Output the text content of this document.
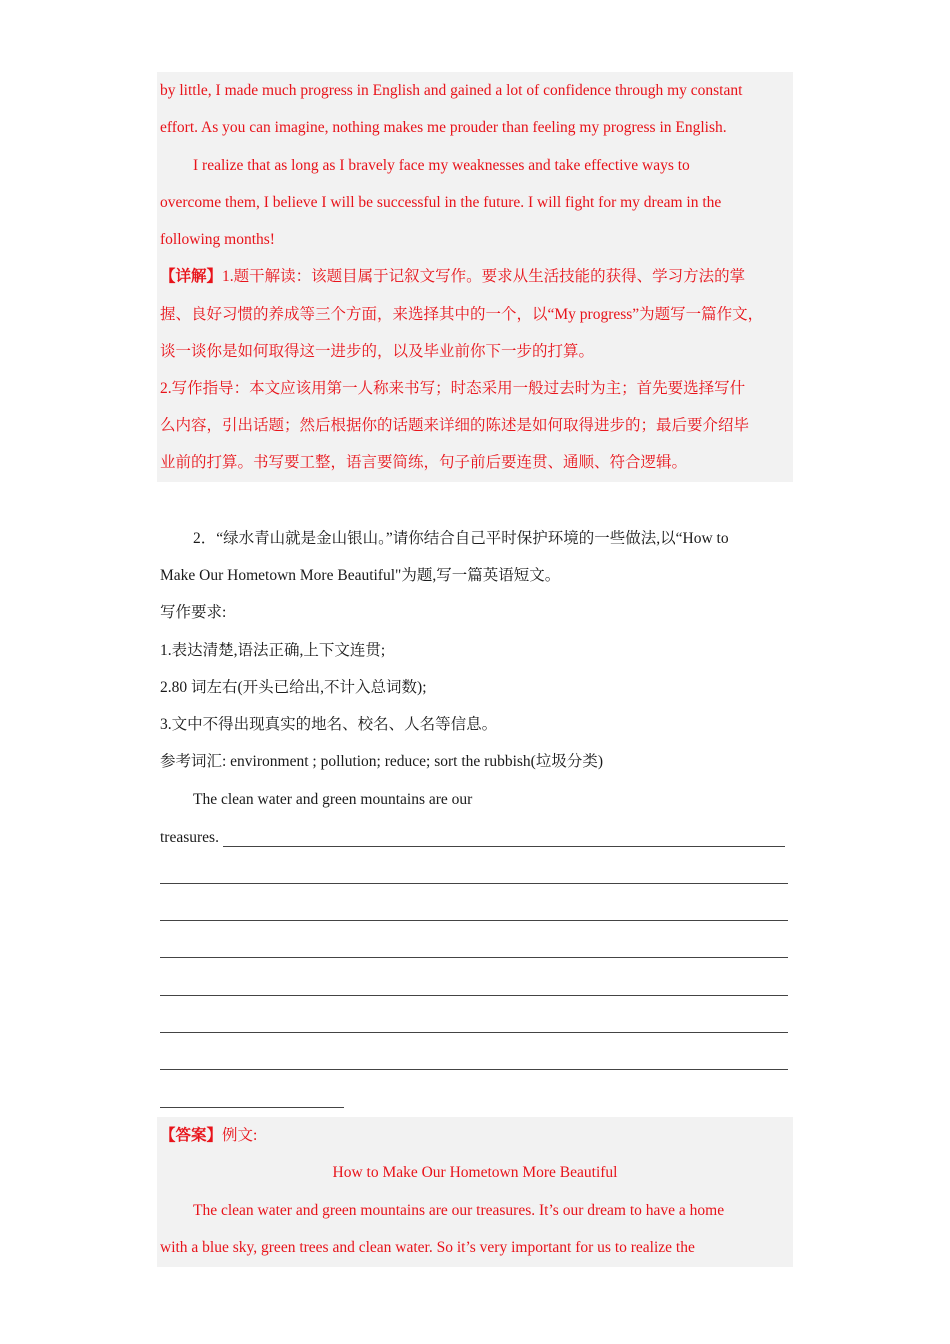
by little, I made much progress in English and gained a lot of confidence through my constant
effort. As you can imagine, nothing makes me prouder than feeling my progress in English.
I realize that as long as I bravely face my weaknesses and take effective ways to
overcome them, I believe I will be successful in the future. I will fight for my dream in the
following months!
【详解】1.题干解读：该题目属于记叙文写作。要求从生活技能的获得、学习方法的掌
握、良好习惯的养成等三个方面，来选择其中的一个，以“My progress”为题写一篇作文，
谈一谈你是如何取得这一进步的，以及毕业前你下一步的打算。
2.写作指导：本文应该用第一人称来书写；时态采用一般过去时为主；首先要选择写什
么内容，引出话题；然后根据你的话题来详细的陈述是如何取得进步的；最后要介绍毕
业前的打算。书写要工整，语言要简练，句子前后要连贯、通顺、符合逻辑。
2．“绿水青山就是金山银山。”请你结合自己平时保护环境的一些做法,以“How to
Make Our Hometown More Beautiful"为题,写一篇英语短文。
写作要求:
1.表达清楚,语法正确,上下文连贯;
2.80 词左右(开头已给出,不计入总词数);
3.文中不得出现真实的地名、校名、人名等信息。
参考词汇: environment ; pollution; reduce; sort the rubbish(垃圾分类)
The clean water and green mountains are our
treasures.
【答案】例文:
How to Make Our Hometown More Beautiful
The clean water and green mountains are our treasures. It’s our dream to have a home
with a blue sky, green trees and clean water. So it’s very important for us to realize the
